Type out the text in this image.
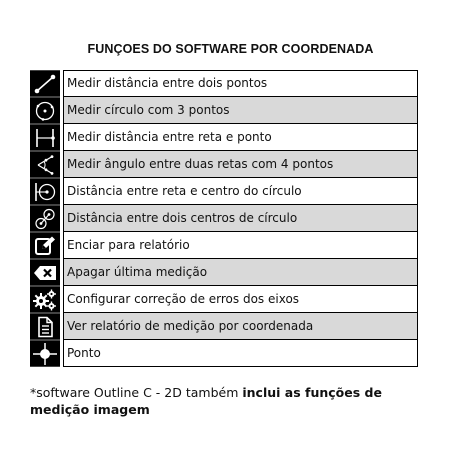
FUNÇOES DO SOFTWARE POR COORDENADA
Medir distância entre dois pontos
Medir círculo com 3 pontos
Medir distância entre reta e ponto
Medir ângulo entre duas retas com 4 pontos
Distância entre reta e centro do círculo
Distância entre dois centros de círculo
Enciar para relatório
Apagar última medição
Configurar correção de erros dos eixos
Ver relatório de medição por coordenada
Ponto
*software Outline C - 2D também inclui as funções de medição imagem
